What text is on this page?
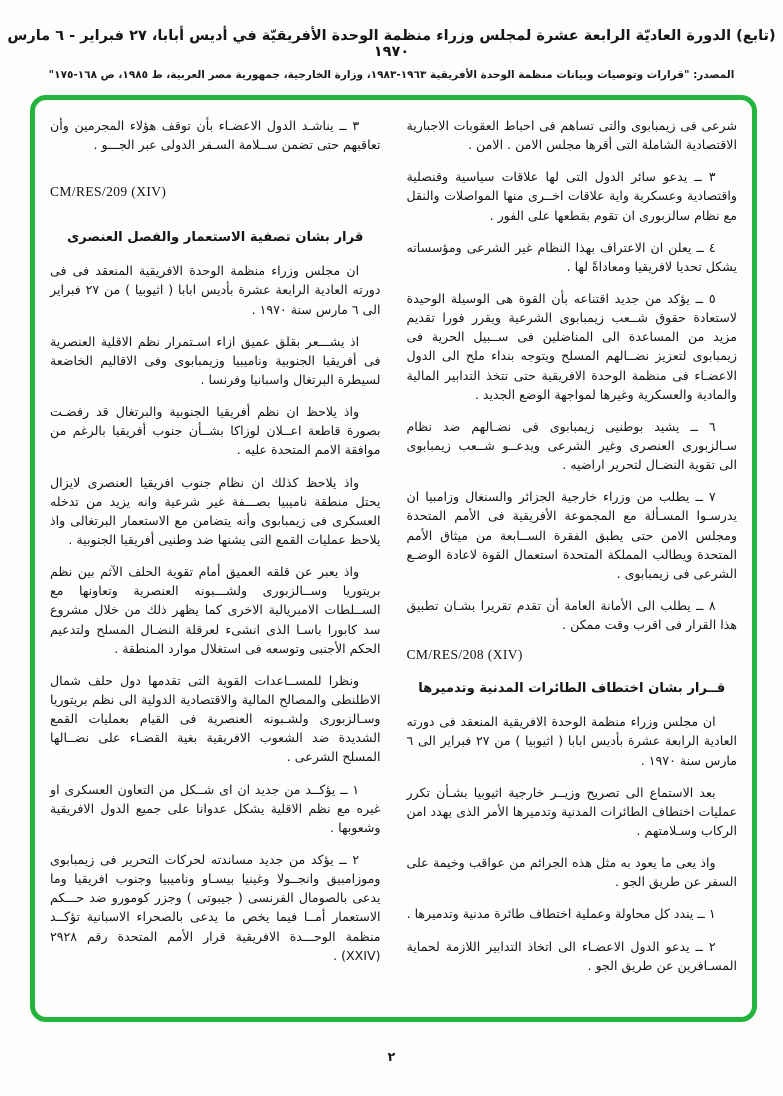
(تابع) الدورة العاديّة الرابعة عشرة لمجلس وزراء منظمة الوحدة الأفريقيّة في أديس أبابا، ٢٧ فبراير - ٦ مارس ١٩٧٠
المصدر: "قرارات وتوصيات وبيانات منظمة الوحدة الأفريقية ١٩٦٣-١٩٨٣، وزارة الخارجية، جمهورية مصر العربية، ط ١٩٨٥، ص ١٦٨-١٧٥"

شرعى فى زيمبابوى والتى تساهم فى احباط العقوبات الاجبارية الاقتصادية الشاملة التى أقرها مجلس الامن . الامن .

٣ ــ يدعو سائر الدول التى لها علاقات سياسية وقنصلية واقتصادية وعسكرية واية علاقات اخــرى منها المواصلات والنقل مع نظام سالزبورى ان تقوم بقطعها على الفور .

٤ ــ يعلن ان الاعتراف بهذا النظام غير الشرعى ومؤسساته يشكل تحديا لافريقيا ومعاداةً لها .

٥ ــ يؤكد من جديد اقتناعه بأن القوة هى الوسيلة الوحيدة لاستعادة حقوق شــعب زيمبابوى الشرعية ويقرر فورا تقديم مزيد من المساعدة الى المناضلين فى ســبيل الحرية فى زيمبابوى لتعزيز نضــالهم المسلح ويتوجه بنداء ملح الى الدول الاعضـاء فى منظمة الوحدة الافريقية حتى تتخذ التدابير المالية والمادية والعسكرية وغيرها لمواجهة الوضع الجديد .

٦ ــ يشيد بوطنيى زيمبابوى فى نضـالهم ضد نظام سـالزبورى العنصرى وغير الشرعى ويدعــو شــعب زيمبابوى الى تقوية النضـال لتحرير اراضيه .

٧ ــ يطلب من وزراء خارجية الجزائر والسنغال وزامبيا ان يدرسـوا المسـألة مع المجموعة الأفريقية فى الأمم المتحدة ومجلس الامن حتى يطبق الفقرة الســابعة من ميثاق الأمم المتحدة ويطالب المملكة المتحدة استعمال القوة لاعادة الوضـع الشرعى فى زيمبابوى .

٨ ــ يطلب الى الأمانة العامة أن تقدم تقريرا بشـان تطبيق هذا القرار فى اقرب وقت ممكن .

CM/RES/208 (XIV)

قــرار بشان اختطاف الطائرات المدنية وتدميرها

ان مجلس وزراء منظمة الوحدة الافريقية المنعقد فى دورته العادية الرابعة عشرة بأديس ابابا ( اثيوبيا ) من ٢٧ فبراير الى ٦ مارس سنة ١٩٧٠ .

بعد الاستماع الى تصريح وزيــر خارجية اثيوبيا بشـأن تكرر عمليات اختطاف الطائرات المدنية وتدميرها الأمر الذى يهدد امن الركاب وسـلامتهم .

واذ يعى ما يعود به مثل هذه الجرائم من عواقب وخيمة على السفر عن طريق الجو .

١ ــ يندد كل محاولة وعملية اختطاف طائرة مدنية وتدميرها .

٢ ــ يدعو الدول الاعضـاء الى اتخاذ التدابير اللازمة لحماية المسـافرين عن طريق الجو .

٣ ــ يناشـد الدول الاعضـاء بأن توقف هؤلاء المجرمين وأن تعاقبهم حتى تضمن ســلامة السـفر الدولى عبر الجـــو .

CM/RES/209 (XIV)

قرار بشان تصفية الاستعمار والفصل العنصرى

ان مجلس وزراء منظمة الوحدة الافريقية المنعقد فى فى دورته العادية الرابعة عشرة بأديس ابابا ( اثيوبيا ) من ٢٧ فبراير الى ٦ مارس سنة ١٩٧٠ .

اذ يشـــعر بقلق عميق ازاء اسـتمرار نظم الاقلية العنصرية فى أفريقيا الجنوبية وناميبيا وزيمبابوى وفى الاقاليم الخاضعة لسيطرة البرتغال واسبانيا وفرنسا .

واذ يلاحظ ان نظم أفريقيا الجنوبية والبرتغال قد رفضـت بصورة قاطعة اعــلان لوزاكا بشــأن جنوب أفريقيا بالرغم من موافقة الامم المتحدة عليه .

واذ يلاحظ كذلك ان نظام جنوب افريقيا العنصرى لايزال يحتل منطقة ناميبيا بصـــفة غير شرعية وانه يزيد من تدخله العسكرى فى زيمبابوى وأنه يتضامن مع الاستعمار البرتغالى واذ يلاحظ عمليات القمع التى يشنها ضد وطنيى أفريقيا الجنوبية .

واذ يعبر عن قلقه العميق أمام تقوية الحلف الآثم بين نظم بريتوريا وســالزبورى ولشـــبونه العنصرية وتعاونها مع الســلطات الامبريالية الاخرى كما يظهر ذلك من خلال مشروع سد كابورا باسـا الذى انشىء لعرقلة النضـال المسلح ولتدعيم الحكم الأجنبى وتوسعه فى استغلال موارد المنطقة .

ونظرا للمســاعدات القوية التى تقدمها دول حلف شمال الاطلنطى والمصالح المالية والاقتصادية الدولية الى نظم بريتوريا وسـالزبورى ولشـبونه العنصرية فى القيام بعمليات القمع الشديدة ضد الشعوب الافريقية بغية القضـاء على نضــالها المسلح الشرعى .

١ ــ يؤكــد من جديد ان اى شــكل من التعاون العسكرى او غيره مع نظم الاقلية يشكل عدوانا على جميع الدول الافريقية وشعوبها .

٢ ــ يؤكد من جديد مساندته لحركات التحرير فى زيمبابوى وموزامبيق وانجــولا وغينيا بيسـاو وناميبيا وجنوب افريقيا وما يدعى بالصومال الفرنسى ( جيبوتى ) وجزر كومورو ضد حـــكم الاستعمار أمــا فيما يخص ما يدعى بالصحراء الاسبانية تؤكــد منظمة الوحـــدة الافريقية قرار الأمم المتحدة رقم ٢٩٢٨ (XXIV) .

٢
